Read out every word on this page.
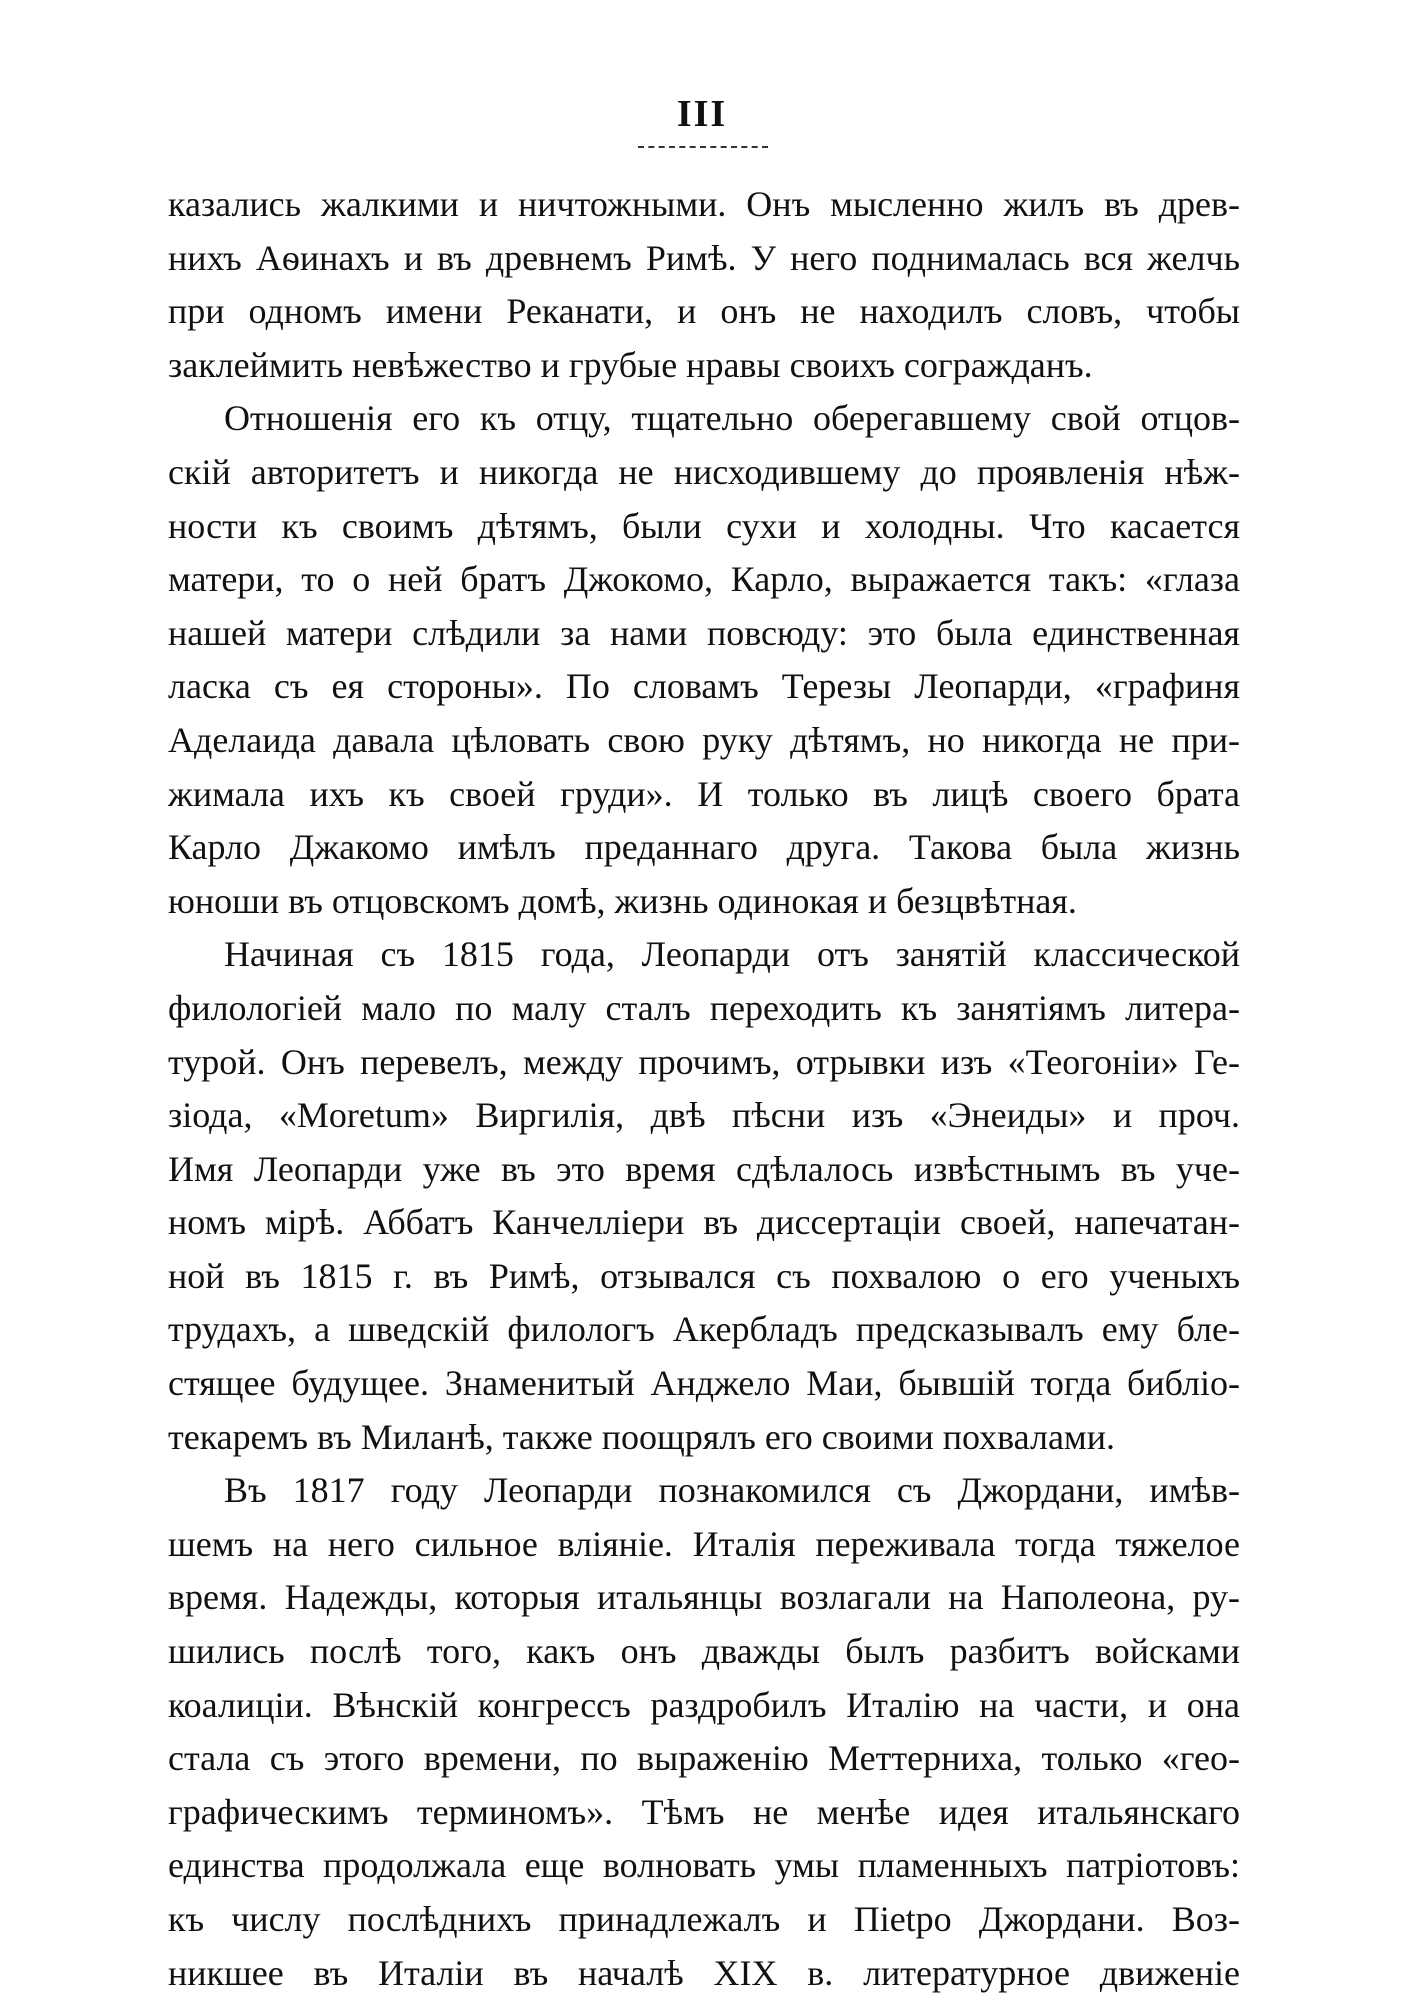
III
казались жалкими и ничтожными. Онъ мысленно жилъ въ древ-
нихъ Аѳинахъ и въ древнемъ Римѣ. У него поднималась вся желчь
при одномъ имени Реканати, и онъ не находилъ словъ, чтобы
заклеймить невѣжество и грубые нравы своихъ согражданъ.
Отношенія его къ отцу, тщательно оберегавшему свой отцов-
скій авторитетъ и никогда не нисходившему до проявленія нѣж-
ности къ своимъ дѣтямъ, были сухи и холодны. Что касается
матери, то о ней братъ Джокомо, Карло, выражается такъ: «глаза
нашей матери слѣдили за нами повсюду: это была единственная
ласка съ ея стороны». По словамъ Терезы Леопарди, «графиня
Аделаида давала цѣловать свою руку дѣтямъ, но никогда не при-
жимала ихъ къ своей груди». И только въ лицѣ своего брата
Карло Джакомо имѣлъ преданнаго друга. Такова была жизнь
юноши въ отцовскомъ домѣ, жизнь одинокая и безцвѣтная.
Начиная съ 1815 года, Леопарди отъ занятій классической
филологіей мало по малу сталъ переходить къ занятіямъ литера-
турой. Онъ перевелъ, между прочимъ, отрывки изъ «Теогоніи» Ге-
зіода, «Moretum» Виргилія, двѣ пѣсни изъ «Энеиды» и проч.
Имя Леопарди уже въ это время сдѣлалось извѣстнымъ въ уче-
номъ мірѣ. Аббатъ Канчелліери въ диссертаціи своей, напечатан-
ной въ 1815 г. въ Римѣ, отзывался съ похвалою о его ученыхъ
трудахъ, а шведскій филологъ Акербладъ предсказывалъ ему бле-
стящее будущее. Знаменитый Анджело Маи, бывшій тогда библіо-
текаремъ въ Миланѣ, также поощрялъ его своими похвалами.
Въ 1817 году Леопарди познакомился съ Джордани, имѣв-
шемъ на него сильное вліяніе. Италія переживала тогда тяжелое
время. Надежды, которыя итальянцы возлагали на Наполеона, ру-
шились послѣ того, какъ онъ дважды былъ разбитъ войсками
коалиціи. Вѣнскій конгрессъ раздробилъ Италію на части, и она
стала съ этого времени, по выраженію Меттерниха, только «гео-
графическимъ терминомъ». Тѣмъ не менѣе идея итальянскаго
единства продолжала еще волновать умы пламенныхъ патріотовъ:
къ числу послѣднихъ принадлежалъ и Пietро Джордани. Воз-
никшее въ Италіи въ началѣ XIX в. литературное движеніе
